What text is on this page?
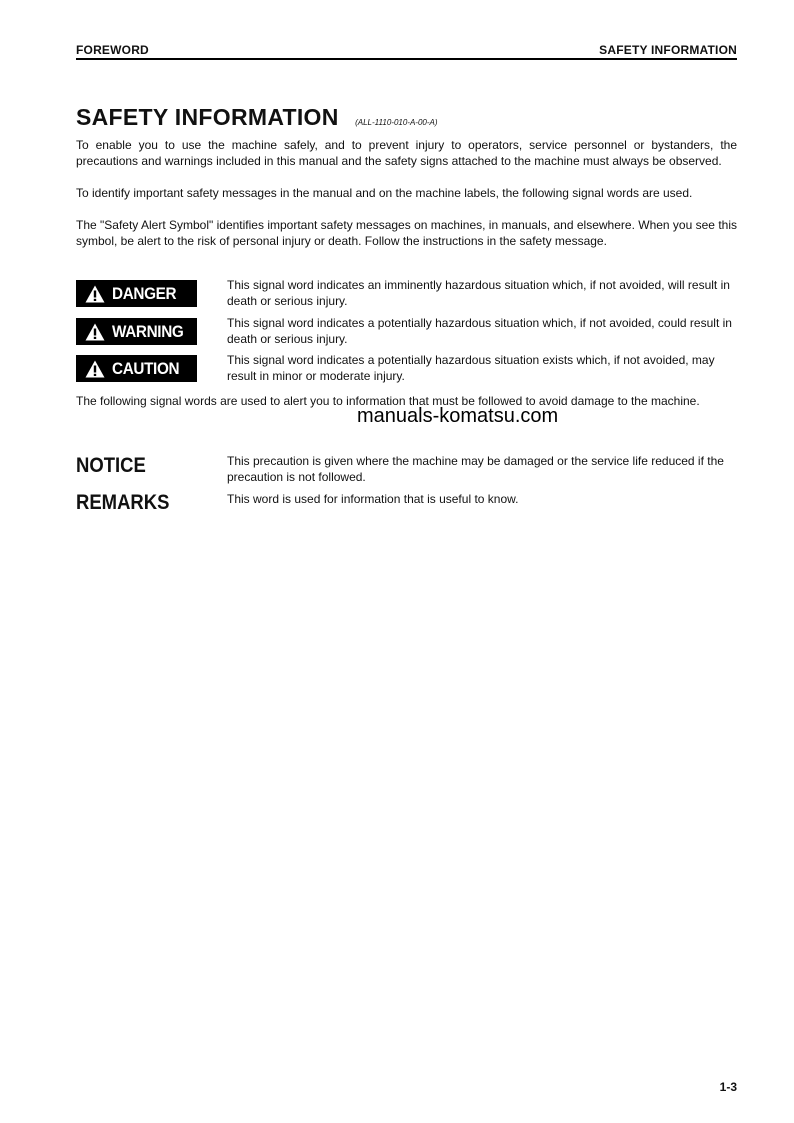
FOREWORD	SAFETY INFORMATION
SAFETY INFORMATION (ALL-1110-010-A-00-A)

To enable you to use the machine safely, and to prevent injury to operators, service personnel or bystanders, the precautions and warnings included in this manual and the safety signs attached to the machine must always be observed.

To identify important safety messages in the manual and on the machine labels, the following signal words are used.

The "Safety Alert Symbol" identifies important safety messages on machines, in manuals, and elsewhere. When you see this symbol, be alert to the risk of personal injury or death. Follow the instructions in the safety message.

DANGER	This signal word indicates an imminently hazardous situation which, if not avoided, will result in death or serious injury.

WARNING	This signal word indicates a potentially hazardous situation which, if not avoided, could result in death or serious injury.

CAUTION	This signal word indicates a potentially hazardous situation exists which, if not avoided, may result in minor or moderate injury.

The following signal words are used to alert you to information that must be followed to avoid damage to the machine.

manuals-komatsu.com
NOTICE	This precaution is given where the machine may be damaged or the service life reduced if the precaution is not followed.

REMARKS	This word is used for information that is useful to know.

1-3
